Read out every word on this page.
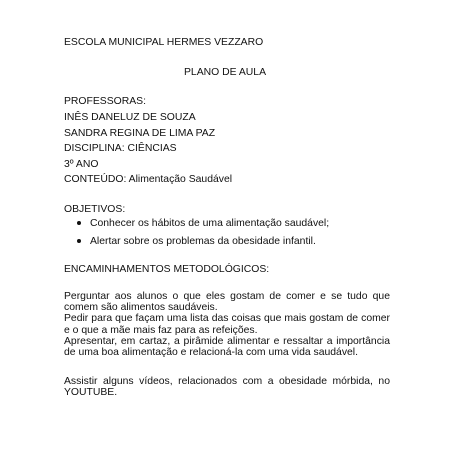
ESCOLA MUNICIPAL HERMES VEZZARO
PLANO DE AULA
PROFESSORAS:
INÊS DANELUZ DE SOUZA
SANDRA REGINA DE LIMA PAZ
DISCIPLINA: CIÊNCIAS
3º ANO
CONTEÚDO: Alimentação Saudável
OBJETIVOS:
Conhecer os hábitos de uma alimentação saudável;
Alertar sobre os problemas da obesidade infantil.
ENCAMINHAMENTOS METODOLÓGICOS:

Perguntar aos alunos o que eles gostam de comer e se tudo que comem são alimentos saudáveis.

Pedir para que façam uma lista das coisas que mais gostam de comer e o que a mãe mais faz para as refeições.

Apresentar, em cartaz, a pirâmide alimentar e ressaltar a importância de uma boa alimentação e relacioná-la com uma vida saudável.

Assistir alguns vídeos, relacionados com a obesidade mórbida, no YOUTUBE.
